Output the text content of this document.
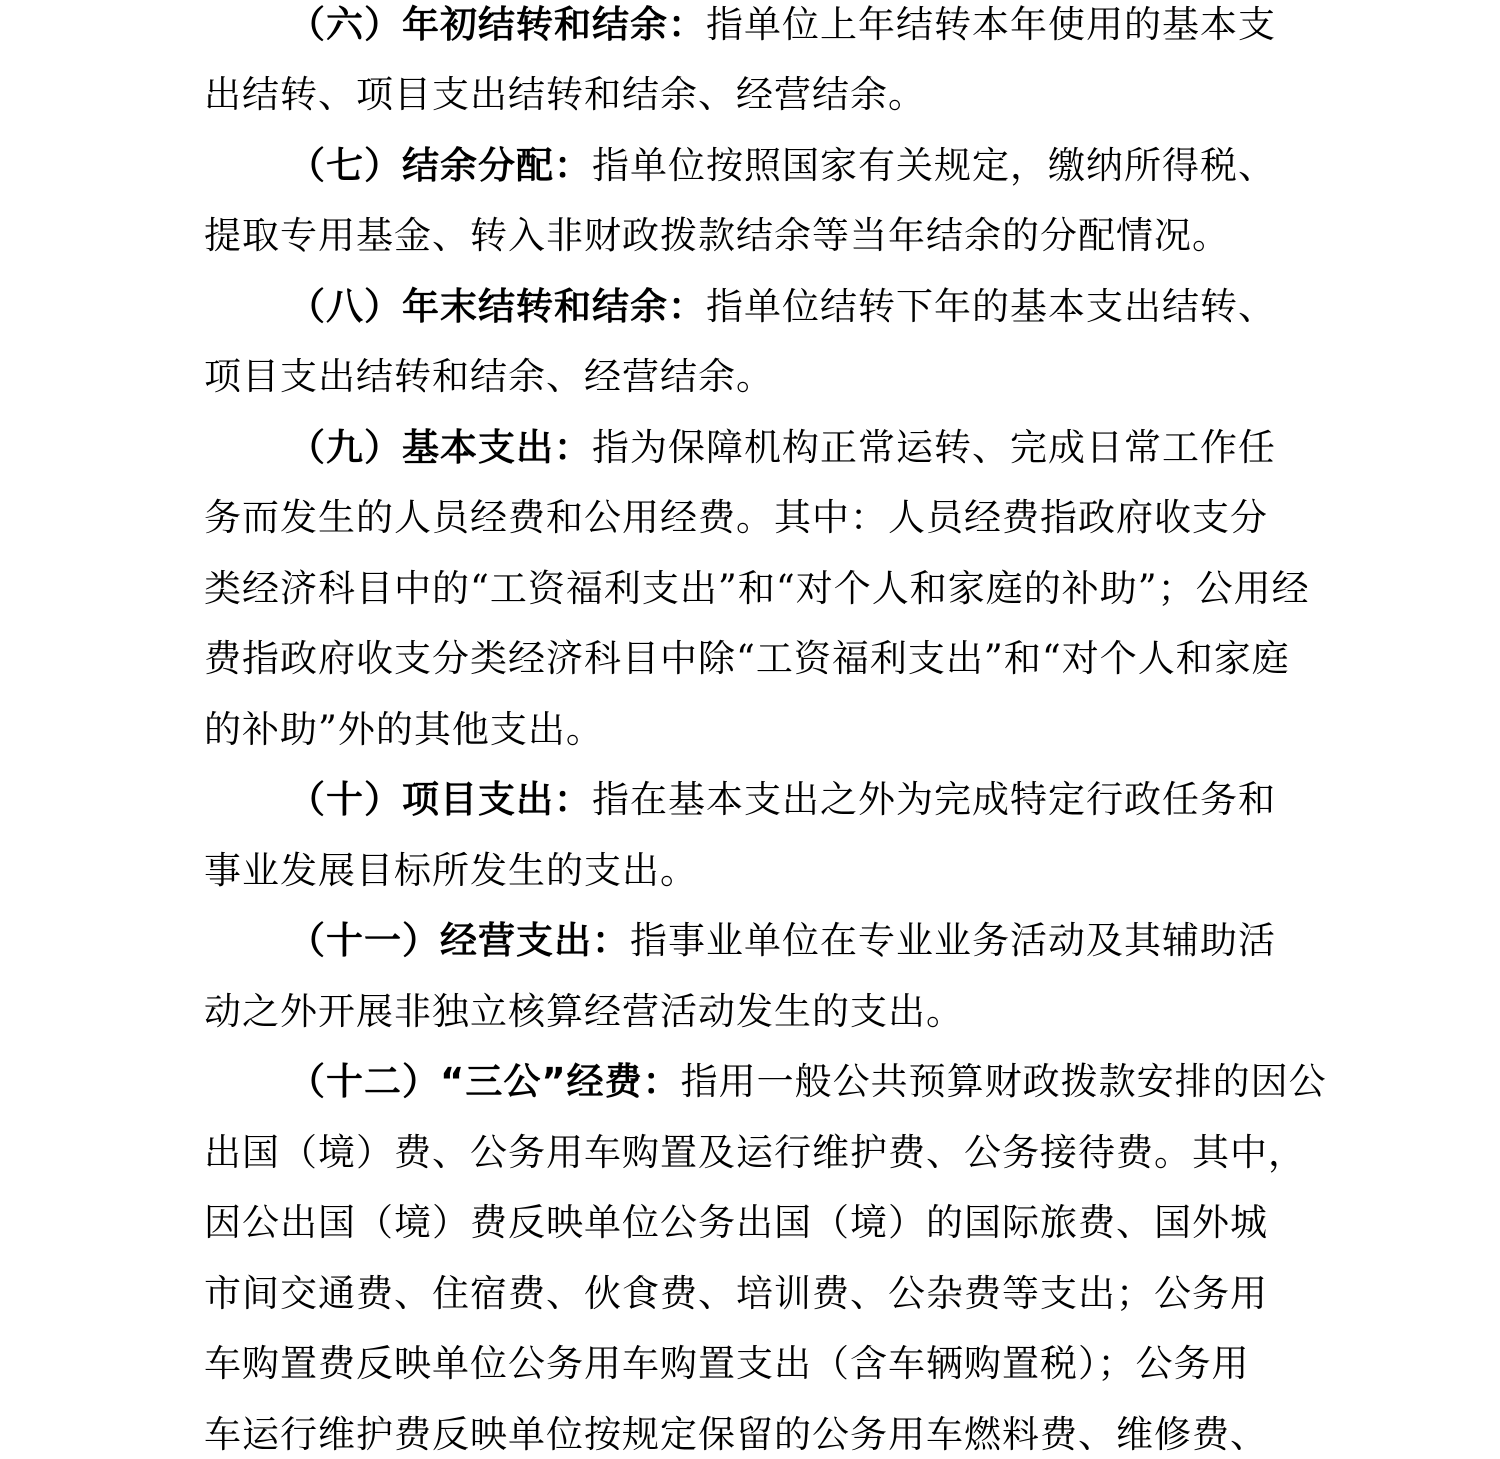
（六）年初结转和结余：指单位上年结转本年使用的基本支
出结转、项目支出结转和结余、经营结余。
（七）结余分配：指单位按照国家有关规定，缴纳所得税、
提取专用基金、转入非财政拨款结余等当年结余的分配情况。
（八）年末结转和结余：指单位结转下年的基本支出结转、
项目支出结转和结余、经营结余。
（九）基本支出：指为保障机构正常运转、完成日常工作任
务而发生的人员经费和公用经费。其中：人员经费指政府收支分
类经济科目中的“工资福利支出”和“对个人和家庭的补助”；公用经
费指政府收支分类经济科目中除“工资福利支出”和“对个人和家庭
的补助”外的其他支出。
（十）项目支出：指在基本支出之外为完成特定行政任务和
事业发展目标所发生的支出。
（十一）经营支出：指事业单位在专业业务活动及其辅助活
动之外开展非独立核算经营活动发生的支出。
（十二）“三公”经费：指用一般公共预算财政拨款安排的因公
出国（境）费、公务用车购置及运行维护费、公务接待费。其中，
因公出国（境）费反映单位公务出国（境）的国际旅费、国外城
市间交通费、住宿费、伙食费、培训费、公杂费等支出；公务用
车购置费反映单位公务用车购置支出（含车辆购置税）；公务用
车运行维护费反映单位按规定保留的公务用车燃料费、维修费、
